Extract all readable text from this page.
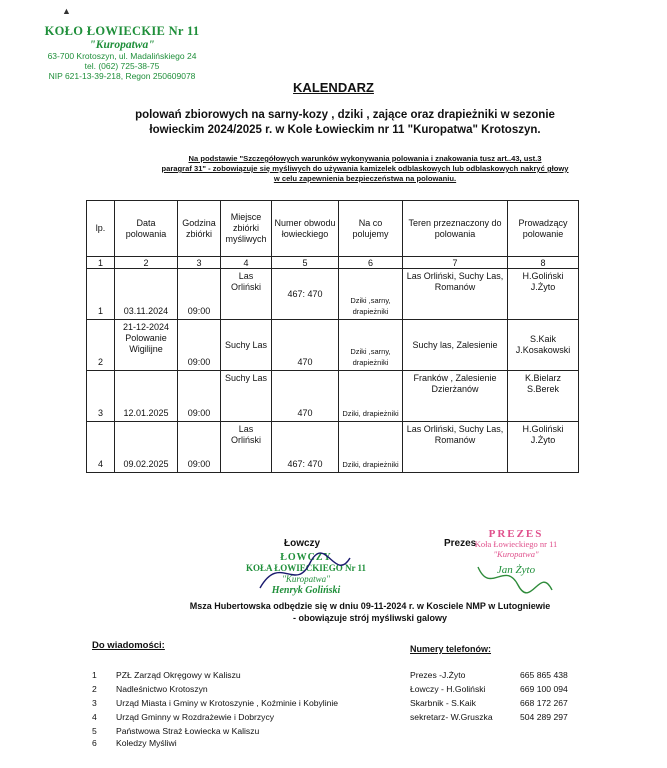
▲
KOŁO ŁOWIECKIE Nr 11
"Kuropatwa"
63-700 Krotoszyn, ul. Madalińskiego 24
tel. (062) 725-38-75
NIP 621-13-39-218, Regon 250609078
KALENDARZ
polowań zbiorowych na sarny-kozy , dziki , zające oraz drapieżniki w sezonie
łowieckim 2024/2025 r. w Kole Łowieckim nr 11 "Kuropatwa" Krotoszyn.
Na podstawie "Szczegółowych warunków wykonywania polowania i znakowania tusz art..43, ust.3
paragraf 31" - zobowiązuje się myśliwych do używania kamizelek odblaskowych lub odblaskowych nakryć głowy
w celu zapewnienia bezpieczeństwa na polowaniu.
lp.	Data polowania	Godzina zbiórki	Miejsce zbiórki myśliwych	Numer obwodu łowieckiego	Na co polujemy	Teren przeznaczony do polowania	Prowadzący polowanie
1	2	3	4	5	6	7	8
1	03.11.2024	09:00	Las Orliński	467: 470	Dziki ,sarny, drapieżniki	Las Orliński, Suchy Las, Romanów	H.Goliński J.Żyto
2	21-12-2024 Polowanie Wigilijne	09:00	Suchy Las	470	Dziki ,sarny, drapieżniki	Suchy las, Zalesienie	S.Kaik J.Kosakowski
3	12.01.2025	09:00	Suchy Las	470	Dziki, drapieżniki	Franków , Zalesienie Dzierżanów	K.Bielarz S.Berek
4	09.02.2025	09:00	Las Orliński	467: 470	Dziki, drapieżniki	Las Orliński, Suchy Las, Romanów	H.Goliński J.Żyto
Łowczy
ŁOWCZY
KOŁA ŁOWIECKIEGO Nr 11
"Kuropatwa"
Henryk Goliński
Prezes
PREZES
Koła Łowieckiego nr 11
"Kuropatwa"
Jan Żyto
Msza Hubertowska odbędzie się w dniu 09-11-2024 r. w Kosciele NMP w Lutogniewie
- obowiązuje strój myśliwski galowy
Do wiadomości:
1 PZŁ Zarząd Okręgowy w Kaliszu
2 Nadleśnictwo Krotoszyn
3 Urząd Miasta i Gminy w Krotoszynie , Koźminie i Kobylinie
4 Urząd Gminny w Rozdrażewie i Dobrzycy
5 Państwowa Straż Łowiecka w Kaliszu
6 Koledzy Myśliwi
Numery telefonów:
Prezes -J.Żyto	665 865 438
Łowczy - H.Goliński	669 100 094
Skarbnik - S.Kaik	668 172 267
sekretarz- W.Gruszka	504 289 297
